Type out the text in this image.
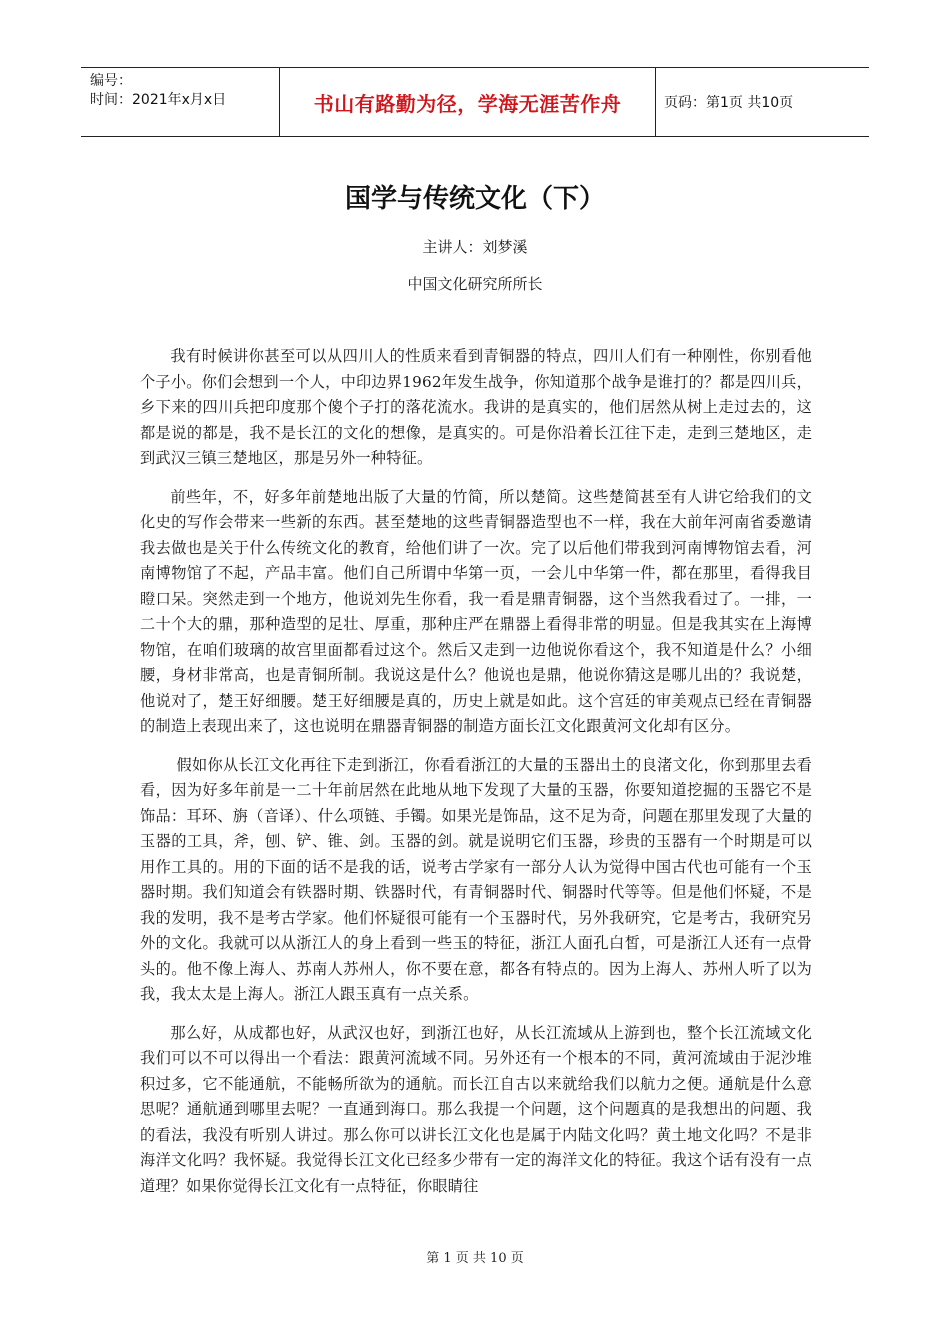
编号：
时间：2021年x月x日	书山有路勤为径，学海无涯苦作舟	页码：第1页 共10页
国学与传统文化（下）
主讲人：刘梦溪
中国文化研究所所长

我有时候讲你甚至可以从四川人的性质来看到青铜器的特点，四川人们有一种刚性，你别看他个子小。你们会想到一个人，中印边界1962年发生战争，你知道那个战争是谁打的？都是四川兵，乡下来的四川兵把印度那个傻个子打的落花流水。我讲的是真实的，他们居然从树上走过去的，这都是说的都是，我不是长江的文化的想像，是真实的。可是你沿着长江往下走，走到三楚地区，走到武汉三镇三楚地区，那是另外一种特征。

前些年，不，好多年前楚地出版了大量的竹简，所以楚简。这些楚简甚至有人讲它给我们的文化史的写作会带来一些新的东西。甚至楚地的这些青铜器造型也不一样，我在大前年河南省委邀请我去做也是关于什么传统文化的教育，给他们讲了一次。完了以后他们带我到河南博物馆去看，河南博物馆了不起，产品丰富。他们自己所谓中华第一页，一会儿中华第一件，都在那里，看得我目瞪口呆。突然走到一个地方，他说刘先生你看，我一看是鼎青铜器，这个当然我看过了。一排，一二十个大的鼎，那种造型的足壮、厚重，那种庄严在鼎器上看得非常的明显。但是我其实在上海博物馆，在咱们玻璃的故宫里面都看过这个。然后又走到一边他说你看这个，我不知道是什么？小细腰，身材非常高，也是青铜所制。我说这是什么？他说也是鼎，他说你猜这是哪儿出的？我说楚，他说对了，楚王好细腰。楚王好细腰是真的，历史上就是如此。这个宫廷的审美观点已经在青铜器的制造上表现出来了，这也说明在鼎器青铜器的制造方面长江文化跟黄河文化却有区分。

假如你从长江文化再往下走到浙江，你看看浙江的大量的玉器出土的良渚文化，你到那里去看看，因为好多年前是一二十年前居然在此地从地下发现了大量的玉器，你要知道挖掘的玉器它不是饰品：耳环、旃（音译）、什么项链、手镯。如果光是饰品，这不足为奇，问题在那里发现了大量的玉器的工具，斧，刨、铲、锥、剑。玉器的剑。就是说明它们玉器，珍贵的玉器有一个时期是可以用作工具的。用的下面的话不是我的话，说考古学家有一部分人认为觉得中国古代也可能有一个玉器时期。我们知道会有铁器时期、铁器时代，有青铜器时代、铜器时代等等。但是他们怀疑，不是我的发明，我不是考古学家。他们怀疑很可能有一个玉器时代，另外我研究，它是考古，我研究另外的文化。我就可以从浙江人的身上看到一些玉的特征，浙江人面孔白皙，可是浙江人还有一点骨头的。他不像上海人、苏南人苏州人，你不要在意，都各有特点的。因为上海人、苏州人听了以为我，我太太是上海人。浙江人跟玉真有一点关系。

那么好，从成都也好，从武汉也好，到浙江也好，从长江流域从上游到也，整个长江流域文化我们可以不可以得出一个看法：跟黄河流域不同。另外还有一个根本的不同，黄河流域由于泥沙堆积过多，它不能通航，不能畅所欲为的通航。而长江自古以来就给我们以航力之便。通航是什么意思呢？通航通到哪里去呢？一直通到海口。那么我提一个问题，这个问题真的是我想出的问题、我的看法，我没有听别人讲过。那么你可以讲长江文化也是属于内陆文化吗？黄土地文化吗？不是非海洋文化吗？我怀疑。我觉得长江文化已经多少带有一定的海洋文化的特征。我这个话有没有一点道理？如果你觉得长江文化有一点特征，你眼睛往

第 1 页 共 10 页
